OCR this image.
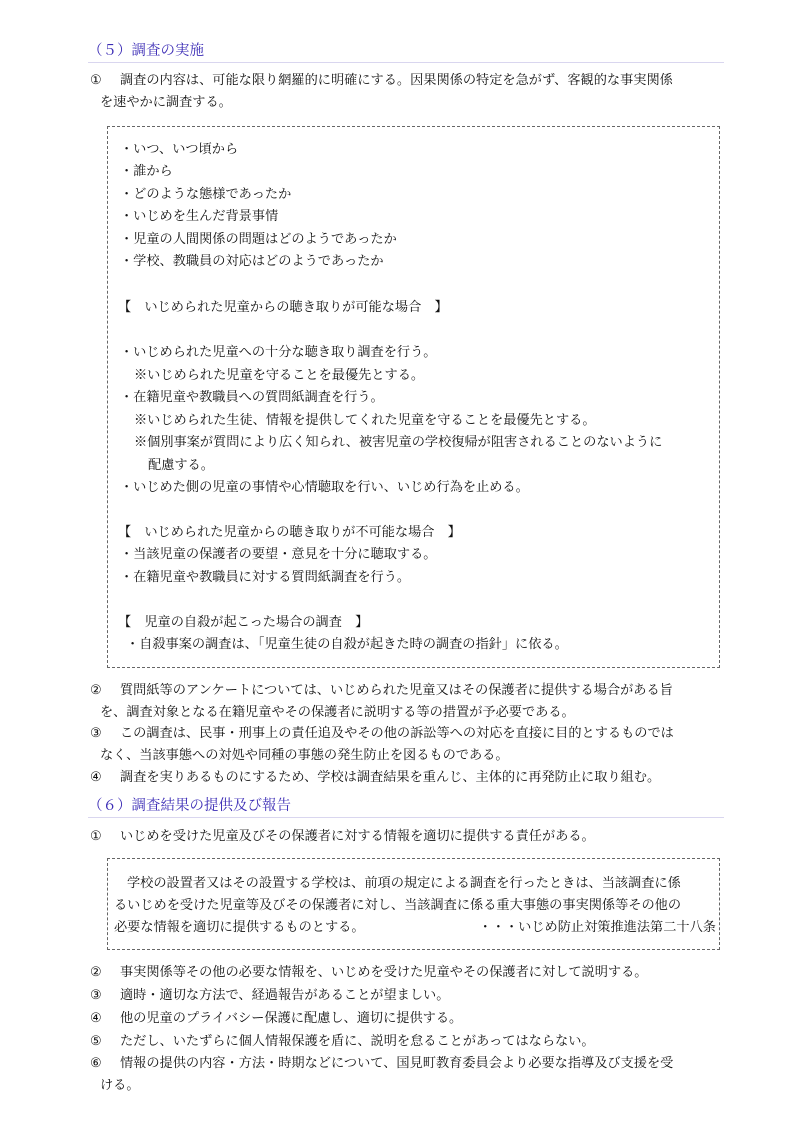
（５）調査の実施
① 調査の内容は、可能な限り網羅的に明確にする。因果関係の特定を急がず、客観的な事実関係
を速やかに調査する。
・いつ、いつ頃から
・誰から
・どのような態様であったか
・いじめを生んだ背景事情
・児童の人間関係の問題はどのようであったか
・学校、教職員の対応はどのようであったか
【　いじめられた児童からの聴き取りが可能な場合　】
・いじめられた児童への十分な聴き取り調査を行う。
※いじめられた児童を守ることを最優先とする。
・在籍児童や教職員への質問紙調査を行う。
※いじめられた生徒、情報を提供してくれた児童を守ることを最優先とする。
※個別事案が質問により広く知られ、被害児童の学校復帰が阻害されることのないように
配慮する。
・いじめた側の児童の事情や心情聴取を行い、いじめ行為を止める。
【　いじめられた児童からの聴き取りが不可能な場合　】
・当該児童の保護者の要望・意見を十分に聴取する。
・在籍児童や教職員に対する質問紙調査を行う。
【　児童の自殺が起こった場合の調査　】
・自殺事案の調査は、「児童生徒の自殺が起きた時の調査の指針」に依る。
② 質問紙等のアンケートについては、いじめられた児童又はその保護者に提供する場合がある旨
を、調査対象となる在籍児童やその保護者に説明する等の措置が予必要である。
③ この調査は、民事・刑事上の責任追及やその他の訴訟等への対応を直接に目的とするものでは
なく、当該事態への対処や同種の事態の発生防止を図るものである。
④ 調査を実りあるものにするため、学校は調査結果を重んじ、主体的に再発防止に取り組む。
（６）調査結果の提供及び報告
① いじめを受けた児童及びその保護者に対する情報を適切に提供する責任がある。
学校の設置者又はその設置する学校は、前項の規定による調査を行ったときは、当該調査に係
るいじめを受けた児童等及びその保護者に対し、当該調査に係る重大事態の事実関係等その他の
必要な情報を適切に提供するものとする。	・・・いじめ防止対策推進法第二十八条
② 事実関係等その他の必要な情報を、いじめを受けた児童やその保護者に対して説明する。
③ 適時・適切な方法で、経過報告があることが望ましい。
④ 他の児童のプライバシー保護に配慮し、適切に提供する。
⑤ ただし、いたずらに個人情報保護を盾に、説明を怠ることがあってはならない。
⑥ 情報の提供の内容・方法・時期などについて、国見町教育委員会より必要な指導及び支援を受
ける。
